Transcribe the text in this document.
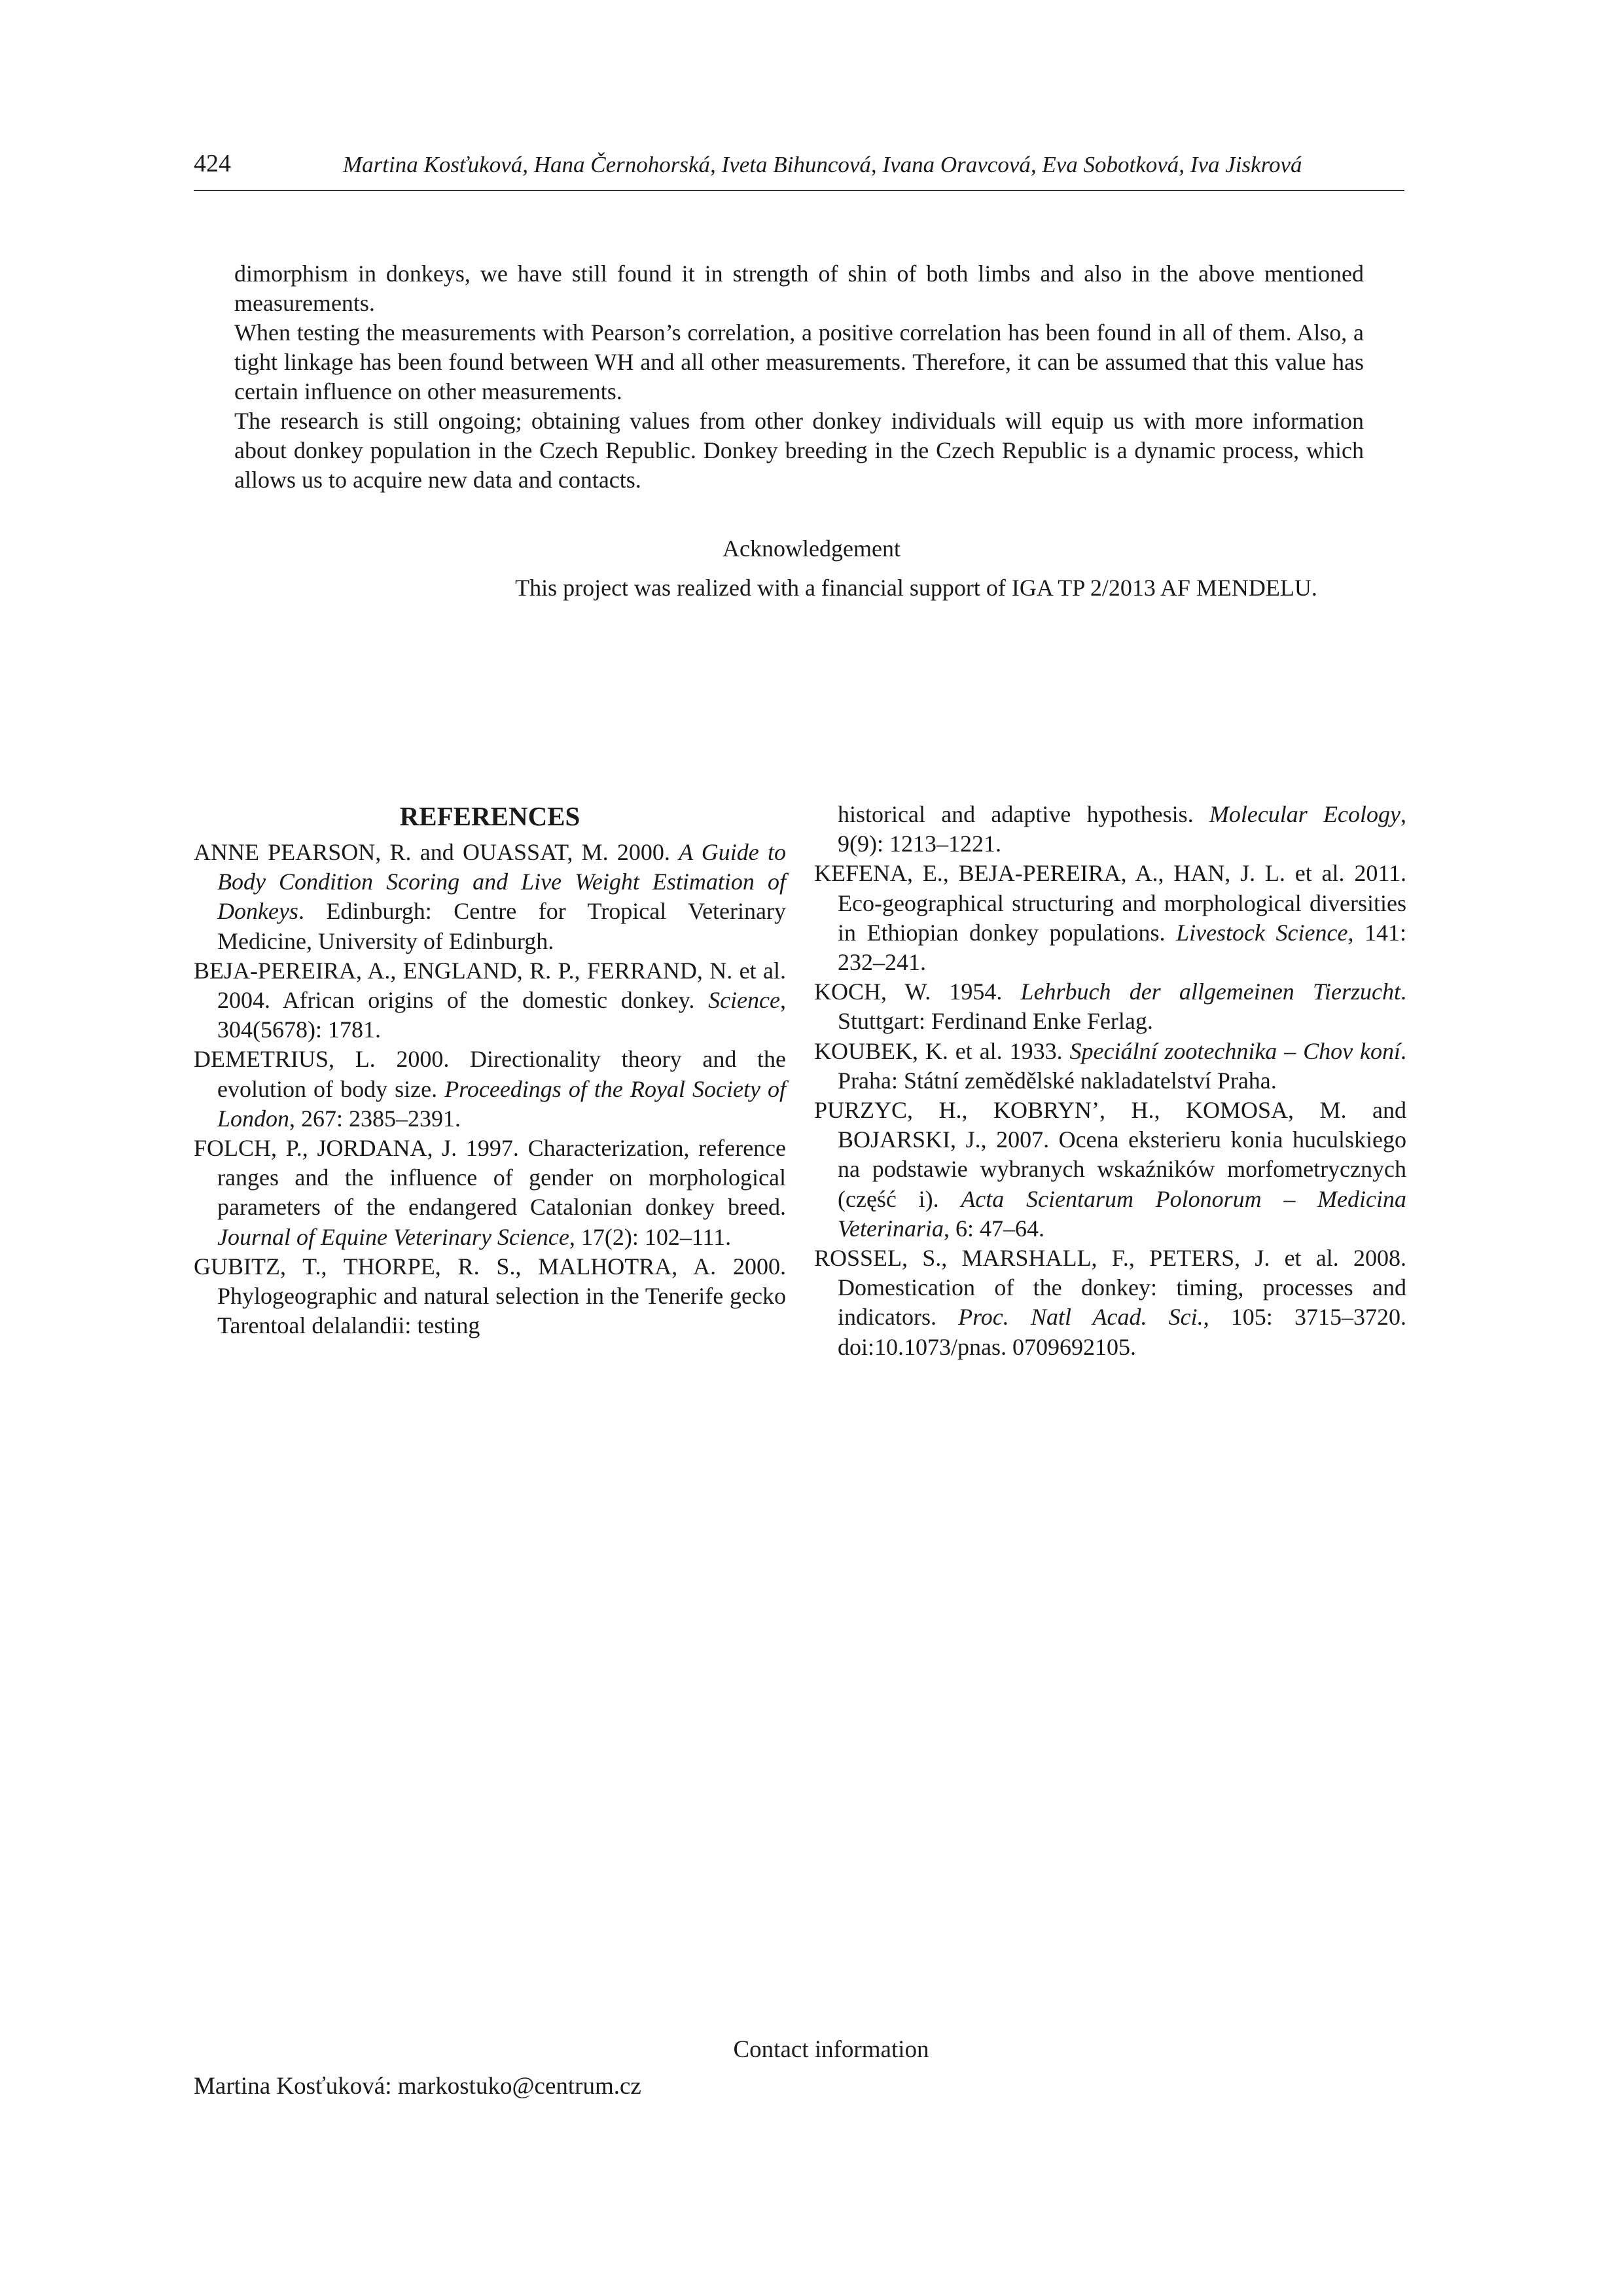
424	Martina Kosťuková, Hana Černohorská, Iveta Bihuncová, Ivana Oravcová, Eva Sobotková, Iva Jiskrová

dimorphism in donkeys, we have still found it in strength of shin of both limbs and also in the above mentioned measurements.

When testing the measurements with Pearson’s correlation, a positive correlation has been found in all of them. Also, a tight linkage has been found between WH and all other measurements. Therefore, it can be assumed that this value has certain influence on other measurements.

The research is still ongoing; obtaining values from other donkey individuals will equip us with more information about donkey population in the Czech Republic. Donkey breeding in the Czech Republic is a dynamic process, which allows us to acquire new data and contacts.

Acknowledgement
This project was realized with a financial support of IGA TP 2/2013 AF MENDELU.
REFERENCES

ANNE PEARSON, R. and OUASSAT, M. 2000. A Guide to Body Condition Scoring and Live Weight Estimation of Donkeys. Edinburgh: Centre for Tropical Veterinary Medicine, University of Edinburgh.

BEJA-PEREIRA, A., ENGLAND, R. P., FERRAND, N. et al. 2004. African origins of the domestic donkey. Science, 304(5678): 1781.

DEMETRIUS, L. 2000. Directionality theory and the evolution of body size. Proceedings of the Royal Society of London, 267: 2385–2391.

FOLCH, P., JORDANA, J. 1997. Characterization, reference ranges and the influence of gender on morphological parameters of the endangered Catalonian donkey breed. Journal of Equine Veterinary Science, 17(2): 102–111.

GUBITZ, T., THORPE, R. S., MALHOTRA, A. 2000. Phylogeographic and natural selection in the Tenerife gecko Tarentoal delalandii: testing

historical and adaptive hypothesis. Molecular Ecology, 9(9): 1213–1221.

KEFENA, E., BEJA-PEREIRA, A., HAN, J. L. et al. 2011. Eco-geographical structuring and morphological diversities in Ethiopian donkey populations. Livestock Science, 141: 232–241.

KOCH, W. 1954. Lehrbuch der allgemeinen Tierzucht. Stuttgart: Ferdinand Enke Ferlag.

KOUBEK, K. et al. 1933. Speciální zootechnika – Chov koní. Praha: Státní zemědělské nakladatelství Praha.

PURZYC, H., KOBRYN’, H., KOMOSA, M. and BOJARSKI, J., 2007. Ocena eksterieru konia huculskiego na podstawie wybranych wskaźników morfometrycznych (część i). Acta Scientarum Polonorum – Medicina Veterinaria, 6: 47–64.

ROSSEL, S., MARSHALL, F., PETERS, J. et al. 2008. Domestication of the donkey: timing, processes and indicators. Proc. Natl Acad. Sci., 105: 3715–3720. doi:10.1073/pnas. 0709692105.

Contact information
Martina Kosťuková: markostuko@centrum.cz
